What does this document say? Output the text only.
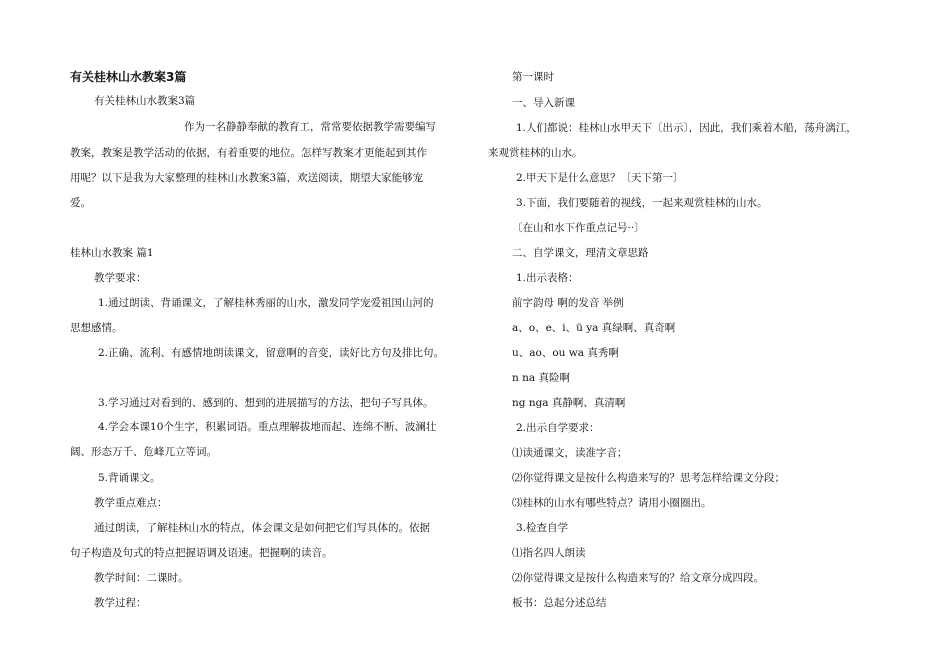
有关桂林山水教案3篇
有关桂林山水教案3篇
作为一名静静奉献的教育工，常常要依据教学需要编写
教案，教案是教学活动的依据，有着重要的地位。怎样写教案才更能起到其作
用呢？以下是我为大家整理的桂林山水教案3篇，欢送阅读，期望大家能够宠
爱。
桂林山水教案 篇1
教学要求：
1.通过朗读、背诵课文，了解桂林秀丽的山水，激发同学宠爱祖国山河的
思想感情。
2.正确、流利、有感情地朗读课文，留意啊的音变，读好比方句及排比句。
3.学习通过对看到的、感到的、想到的进展描写的方法，把句子写具体。
4.学会本课10个生字，积累词语。重点理解拔地而起、连绵不断、波澜壮
阔、形态万千、危峰兀立等词。
5.背诵课文。
教学重点难点：
通过朗读，了解桂林山水的特点，体会课文是如何把它们写具体的。依据
句子构造及句式的特点把握语调及语速。把握啊的读音。
教学时间：二课时。
教学过程：
第一课时
一、导入新课
1.人们都说：桂林山水甲天下〔出示〕，因此，我们乘着木船，荡舟漓江，
来观赏桂林的山水。
2.甲天下是什么意思？〔天下第一〕
3.下面，我们要随着的视线，一起来观赏桂林的山水。
〔在山和水下作重点记号··〕
二、自学课文，理清文章思路
1.出示表格：
前字韵母 啊的发音 举例
a、o、e、i、ü ya 真绿啊、真奇啊
u、ao、ou wa 真秀啊
n na 真险啊
ng nga 真静啊、真清啊
2.出示自学要求：
⑴读通课文，读准字音；
⑵你觉得课文是按什么构造来写的？思考怎样给课文分段；
⑶桂林的山水有哪些特点？请用小圈圈出。
3.检查自学
⑴指名四人朗读
⑵你觉得课文是按什么构造来写的？给文章分成四段。
板书：总起分述总结
